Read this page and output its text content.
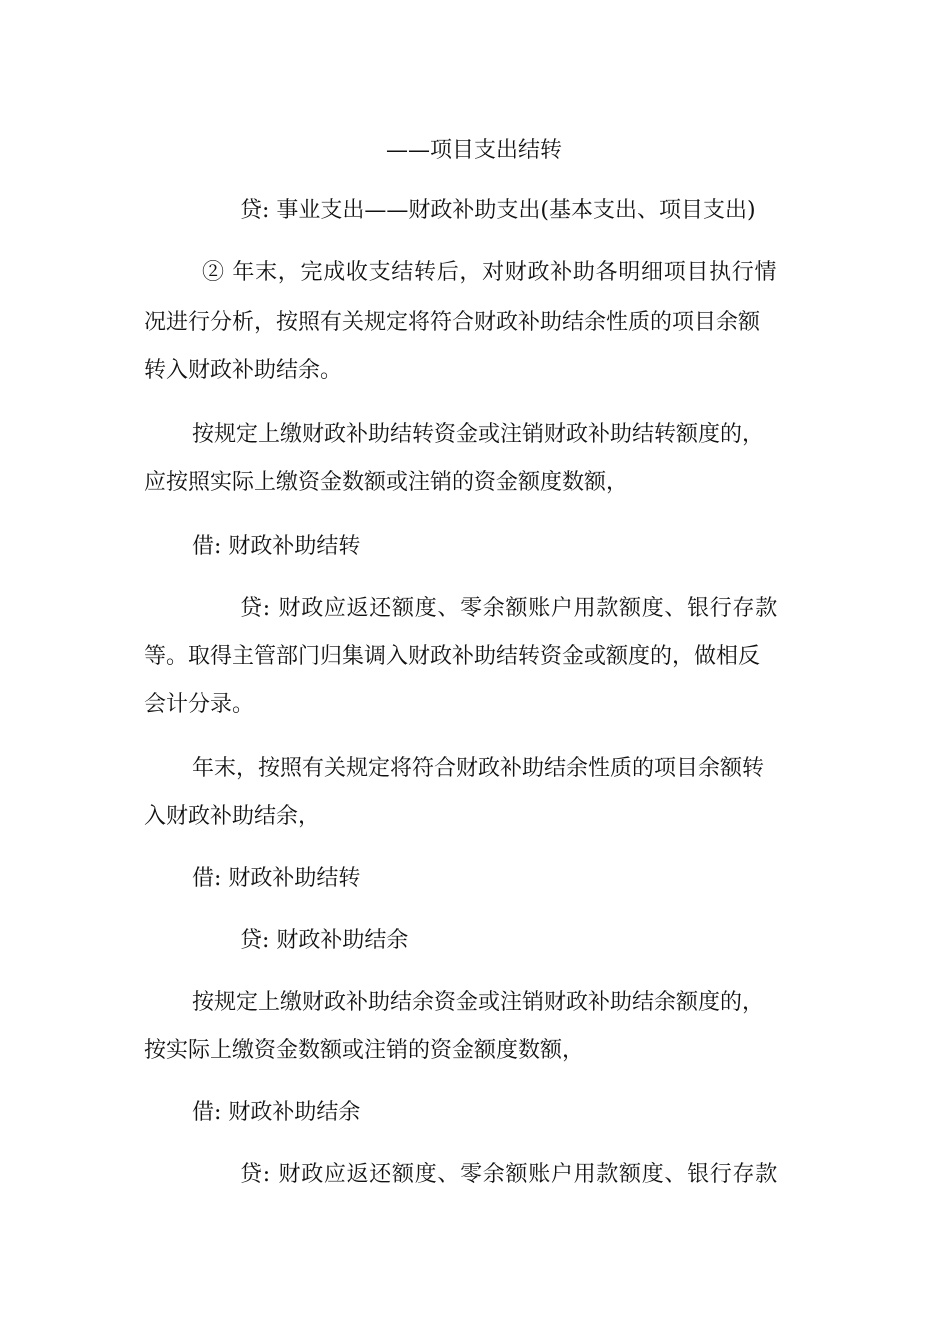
——项目支出结转
贷: 事业支出——财政补助支出(基本支出、项目支出)
② 年末，完成收支结转后，对财政补助各明细项目执行情
况进行分析，按照有关规定将符合财政补助结余性质的项目余额
转入财政补助结余。
按规定上缴财政补助结转资金或注销财政补助结转额度的，
应按照实际上缴资金数额或注销的资金额度数额，
借: 财政补助结转
贷: 财政应返还额度、零余额账户用款额度、银行存款
等。取得主管部门归集调入财政补助结转资金或额度的，做相反
会计分录。
年末，按照有关规定将符合财政补助结余性质的项目余额转
入财政补助结余，
借: 财政补助结转
贷: 财政补助结余
按规定上缴财政补助结余资金或注销财政补助结余额度的，
按实际上缴资金数额或注销的资金额度数额，
借: 财政补助结余
贷: 财政应返还额度、零余额账户用款额度、银行存款
